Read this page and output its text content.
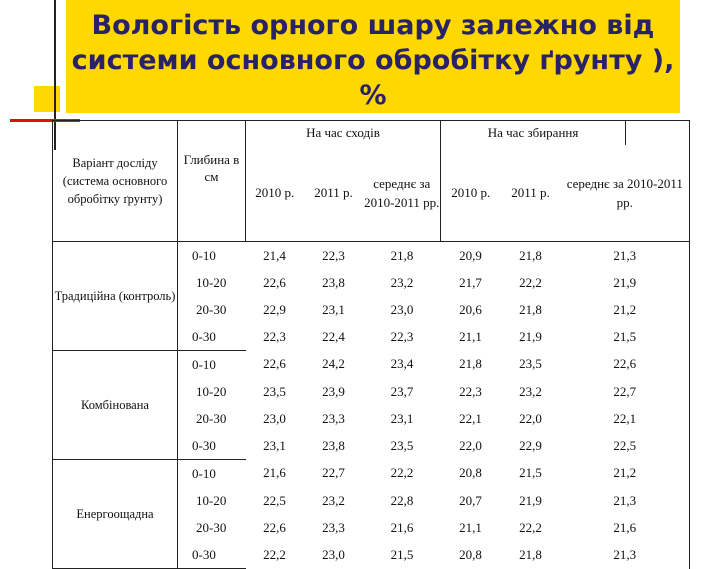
Вологість орного шару залежно від системи основного обробітку ґрунту ), %
Варіант досліду (система основного обробітку ґрунту)	Глибина в см	На час сходів			На час збирання			
		2010 р.	2011 р.	середнє за 2010-2011 рр.	2010 р.	2011 р.	середнє за 2010-2011 рр.	
Традиційна (контроль)	0-10	21,4	22,3	21,8	20,9	21,8	21,3	
	10-20	22,6	23,8	23,2	21,7	22,2	21,9	
	20-30	22,9	23,1	23,0	20,6	21,8	21,2	
	0-30	22,3	22,4	22,3	21,1	21,9	21,5	
Комбінована	0-10	22,6	24,2	23,4	21,8	23,5	22,6	
	10-20	23,5	23,9	23,7	22,3	23,2	22,7	
	20-30	23,0	23,3	23,1	22,1	22,0	22,1	
	0-30	23,1	23,8	23,5	22,0	22,9	22,5	
Енергоощадна	0-10	21,6	22,7	22,2	20,8	21,5	21,2	
	10-20	22,5	23,2	22,8	20,7	21,9	21,3	
	20-30	22,6	23,3	21,6	21,1	22,2	21,6	
	0-30	22,2	23,0	21,5	20,8	21,8	21,3	
